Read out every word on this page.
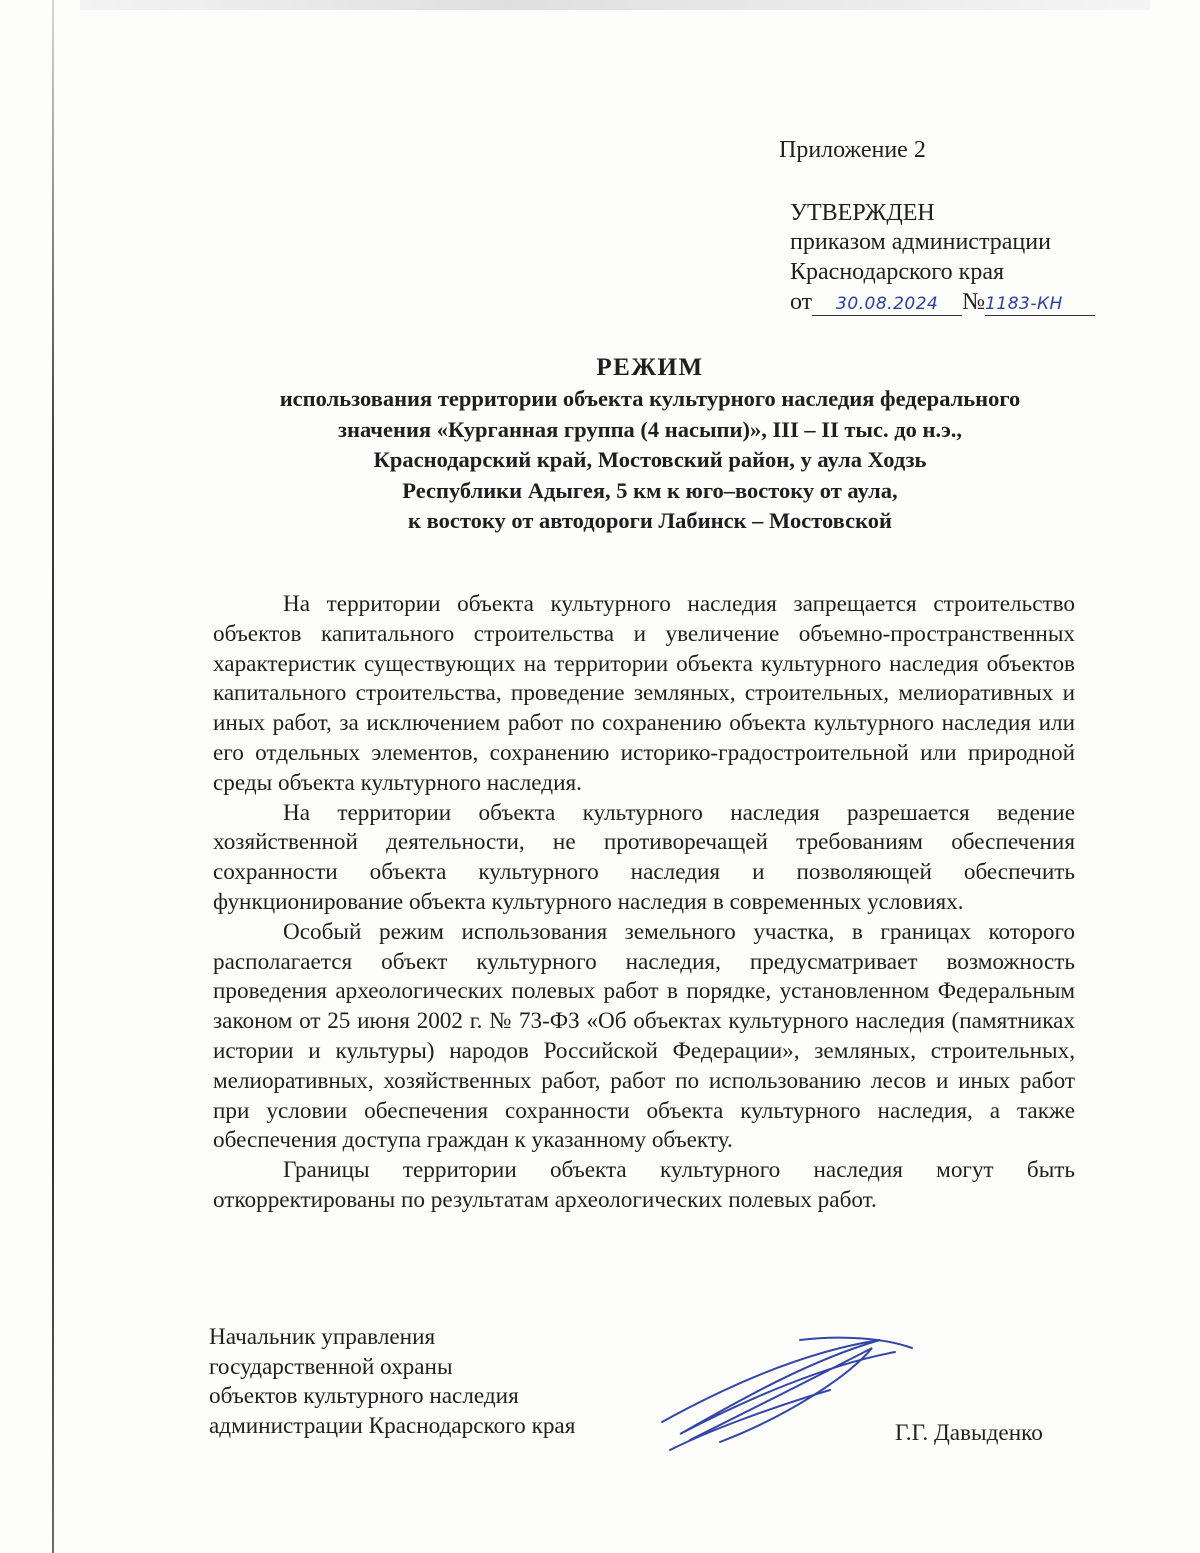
Приложение 2
УТВЕРЖДЕН
приказом администрации
Краснодарского края
от 30.08.2024 №1183-КН
РЕЖИМ
использования территории объекта культурного наследия федерального
значения «Курганная группа (4 насыпи)», III – II тыс. до н.э.,
Краснодарский край, Мостовский район, у аула Ходзь
Республики Адыгея, 5 км к юго–востоку от аула,
к востоку от автодороги Лабинск – Мостовской

На территории объекта культурного наследия запрещается строительство объектов капитального строительства и увеличение объемно-пространственных характеристик существующих на территории объекта культурного наследия объектов капитального строительства, проведение земляных, строительных, мелиоративных и иных работ, за исключением работ по сохранению объекта культурного наследия или его отдельных элементов, сохранению историко-градостроительной или природной среды объекта культурного наследия.

На территории объекта культурного наследия разрешается ведение хозяйственной деятельности, не противоречащей требованиям обеспечения сохранности объекта культурного наследия и позволяющей обеспечить функционирование объекта культурного наследия в современных условиях.

Особый режим использования земельного участка, в границах которого располагается объект культурного наследия, предусматривает возможность проведения археологических полевых работ в порядке, установленном Федеральным законом от 25 июня 2002 г. № 73-ФЗ «Об объектах культурного наследия (памятниках истории и культуры) народов Российской Федерации», земляных, строительных, мелиоративных, хозяйственных работ, работ по использованию лесов и иных работ при условии обеспечения сохранности объекта культурного наследия, а также обеспечения доступа граждан к указанному объекту.

Границы территории объекта культурного наследия могут быть откорректированы по результатам археологических полевых работ.

Начальник управления
государственной охраны
объектов культурного наследия
администрации Краснодарского края	Г.Г. Давыденко
